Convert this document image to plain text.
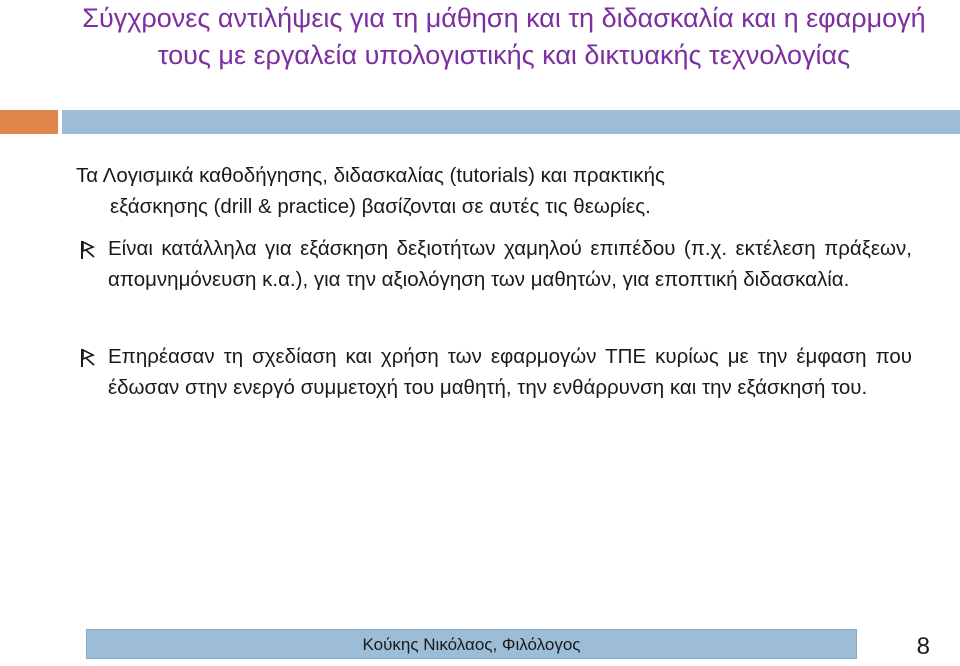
Σύγχρονες αντιλήψεις για τη μάθηση και τη διδασκαλία και η εφαρμογή τους με εργαλεία υπολογιστικής και δικτυακής τεχνολογίας
Τα Λογισμικά καθοδήγησης, διδασκαλίας (tutorials) και πρακτικής
εξάσκησης (drill & practice) βασίζονται σε αυτές τις θεωρίες.
Είναι κατάλληλα για εξάσκηση δεξιοτήτων χαμηλού επιπέδου (π.χ. εκτέλεση πράξεων, απομνημόνευση κ.α.), για την αξιολόγηση των μαθητών, για εποπτική διδασκαλία.
Επηρέασαν τη σχεδίαση και χρήση των εφαρμογών ΤΠΕ κυρίως με την έμφαση που έδωσαν στην ενεργό συμμετοχή του μαθητή, την ενθάρρυνση και την εξάσκησή του.
Κούκης Νικόλαος, Φιλόλογος	8
